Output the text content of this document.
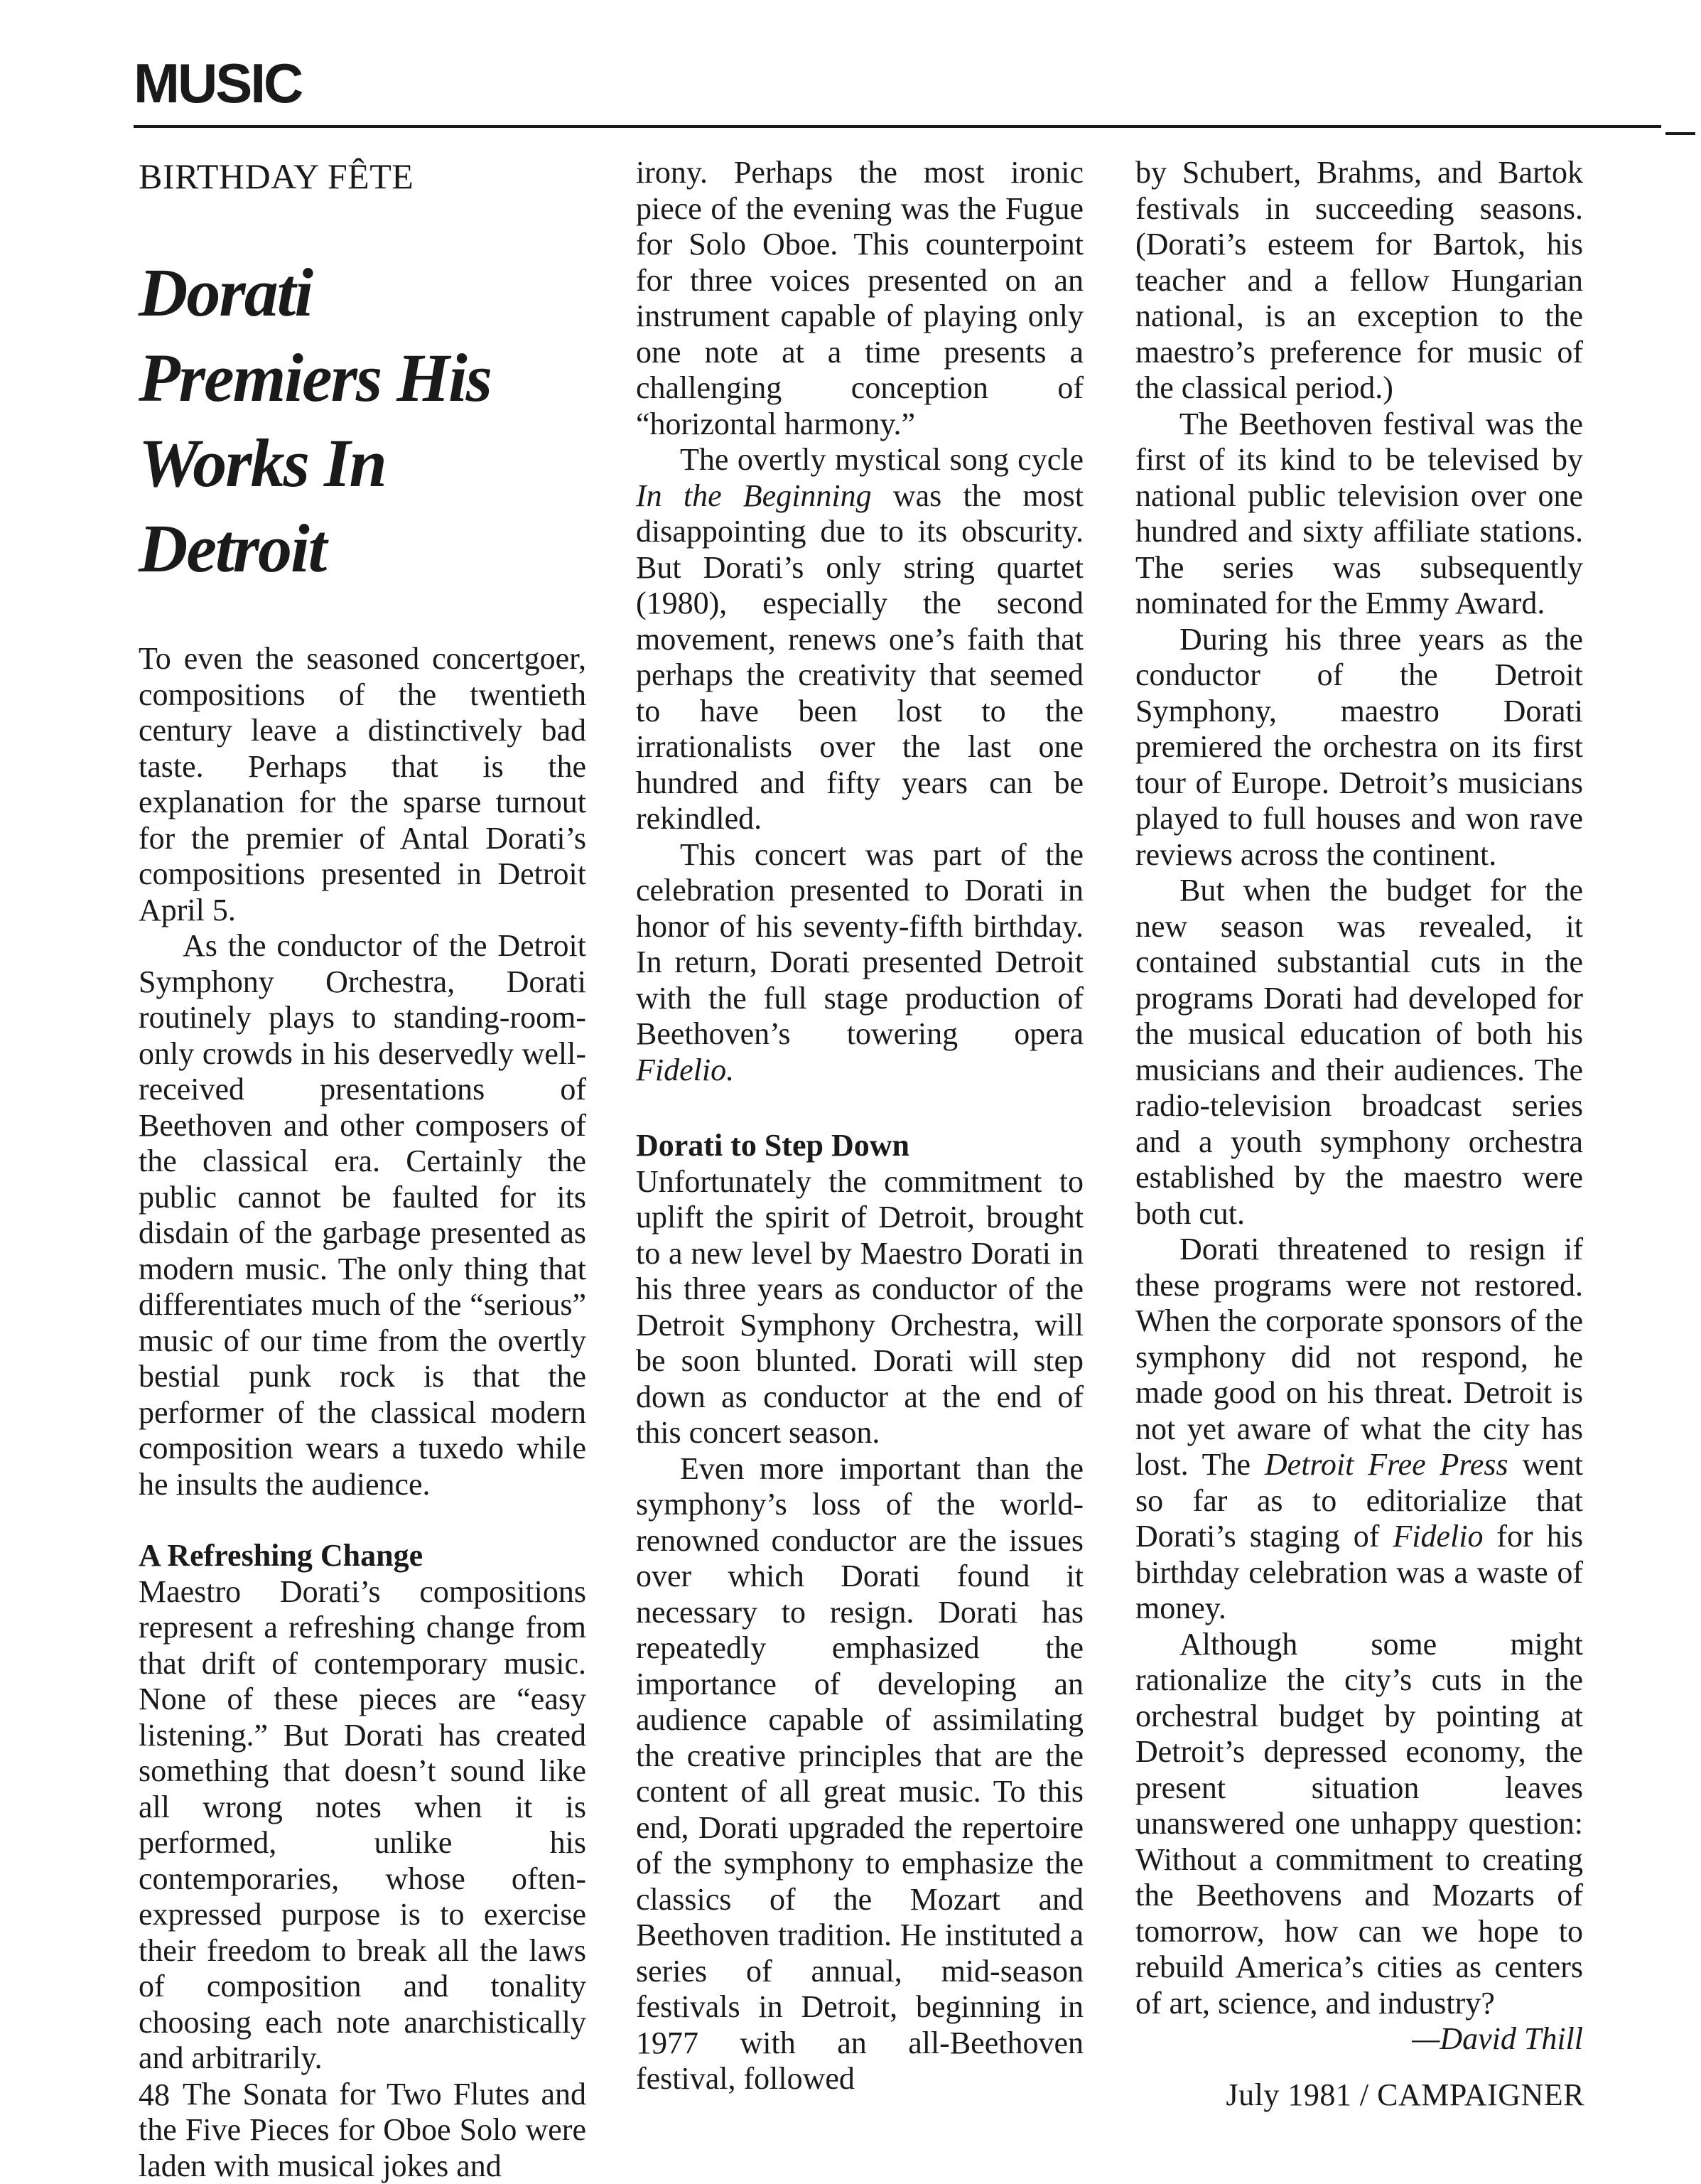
MUSIC
BIRTHDAY FÊTE
Dorati
Premiers His
Works In
Detroit

To even the seasoned concertgoer, compositions of the twentieth century leave a distinctively bad taste. Perhaps that is the explanation for the sparse turnout for the premier of Antal Dorati’s compositions presented in Detroit April 5.

As the conductor of the Detroit Symphony Orchestra, Dorati routinely plays to standing-room-only crowds in his deservedly well-received presentations of Beethoven and other composers of the classical era. Certainly the public cannot be faulted for its disdain of the garbage presented as modern music. The only thing that differentiates much of the “serious” music of our time from the overtly bestial punk rock is that the performer of the classical modern composition wears a tuxedo while he insults the audience.

A Refreshing Change

Maestro Dorati’s compositions represent a refreshing change from that drift of contemporary music. None of these pieces are “easy listening.” But Dorati has created something that doesn’t sound like all wrong notes when it is performed, unlike his contemporaries, whose often-expressed purpose is to exercise their freedom to break all the laws of composition and tonality choosing each note anarchistically and arbitrarily.

The Sonata for Two Flutes and the Five Pieces for Oboe Solo were laden with musical jokes and

irony. Perhaps the most ironic piece of the evening was the Fugue for Solo Oboe. This counterpoint for three voices presented on an instrument capable of playing only one note at a time presents a challenging conception of “horizontal harmony.”

The overtly mystical song cycle In the Beginning was the most disappointing due to its obscurity. But Dorati’s only string quartet (1980), especially the second movement, renews one’s faith that perhaps the creativity that seemed to have been lost to the irrationalists over the last one hundred and fifty years can be rekindled.

This concert was part of the celebration presented to Dorati in honor of his seventy-fifth birthday. In return, Dorati presented Detroit with the full stage production of Beethoven’s towering opera Fidelio.

Dorati to Step Down

Unfortunately the commitment to uplift the spirit of Detroit, brought to a new level by Maestro Dorati in his three years as conductor of the Detroit Symphony Orchestra, will be soon blunted. Dorati will step down as conductor at the end of this concert season.

Even more important than the symphony’s loss of the world-renowned conductor are the issues over which Dorati found it necessary to resign. Dorati has repeatedly emphasized the importance of developing an audience capable of assimilating the creative principles that are the content of all great music. To this end, Dorati upgraded the repertoire of the symphony to emphasize the classics of the Mozart and Beethoven tradition. He instituted a series of annual, mid-season festivals in Detroit, beginning in 1977 with an all-Beethoven festival, followed

by Schubert, Brahms, and Bartok festivals in succeeding seasons. (Dorati’s esteem for Bartok, his teacher and a fellow Hungarian national, is an exception to the maestro’s preference for music of the classical period.)

The Beethoven festival was the first of its kind to be televised by national public television over one hundred and sixty affiliate stations. The series was subsequently nominated for the Emmy Award.

During his three years as the conductor of the Detroit Symphony, maestro Dorati premiered the orchestra on its first tour of Europe. Detroit’s musicians played to full houses and won rave reviews across the continent.

But when the budget for the new season was revealed, it contained substantial cuts in the programs Dorati had developed for the musical education of both his musicians and their audiences. The radio-television broadcast series and a youth symphony orchestra established by the maestro were both cut.

Dorati threatened to resign if these programs were not restored. When the corporate sponsors of the symphony did not respond, he made good on his threat. Detroit is not yet aware of what the city has lost. The Detroit Free Press went so far as to editorialize that Dorati’s staging of Fidelio for his birthday celebration was a waste of money.

Although some might rationalize the city’s cuts in the orchestral budget by pointing at Detroit’s depressed economy, the present situation leaves unanswered one unhappy question: Without a commitment to creating the Beethovens and Mozarts of tomorrow, how can we hope to rebuild America’s cities as centers of art, science, and industry?

—David Thill
48	July 1981 / CAMPAIGNER
